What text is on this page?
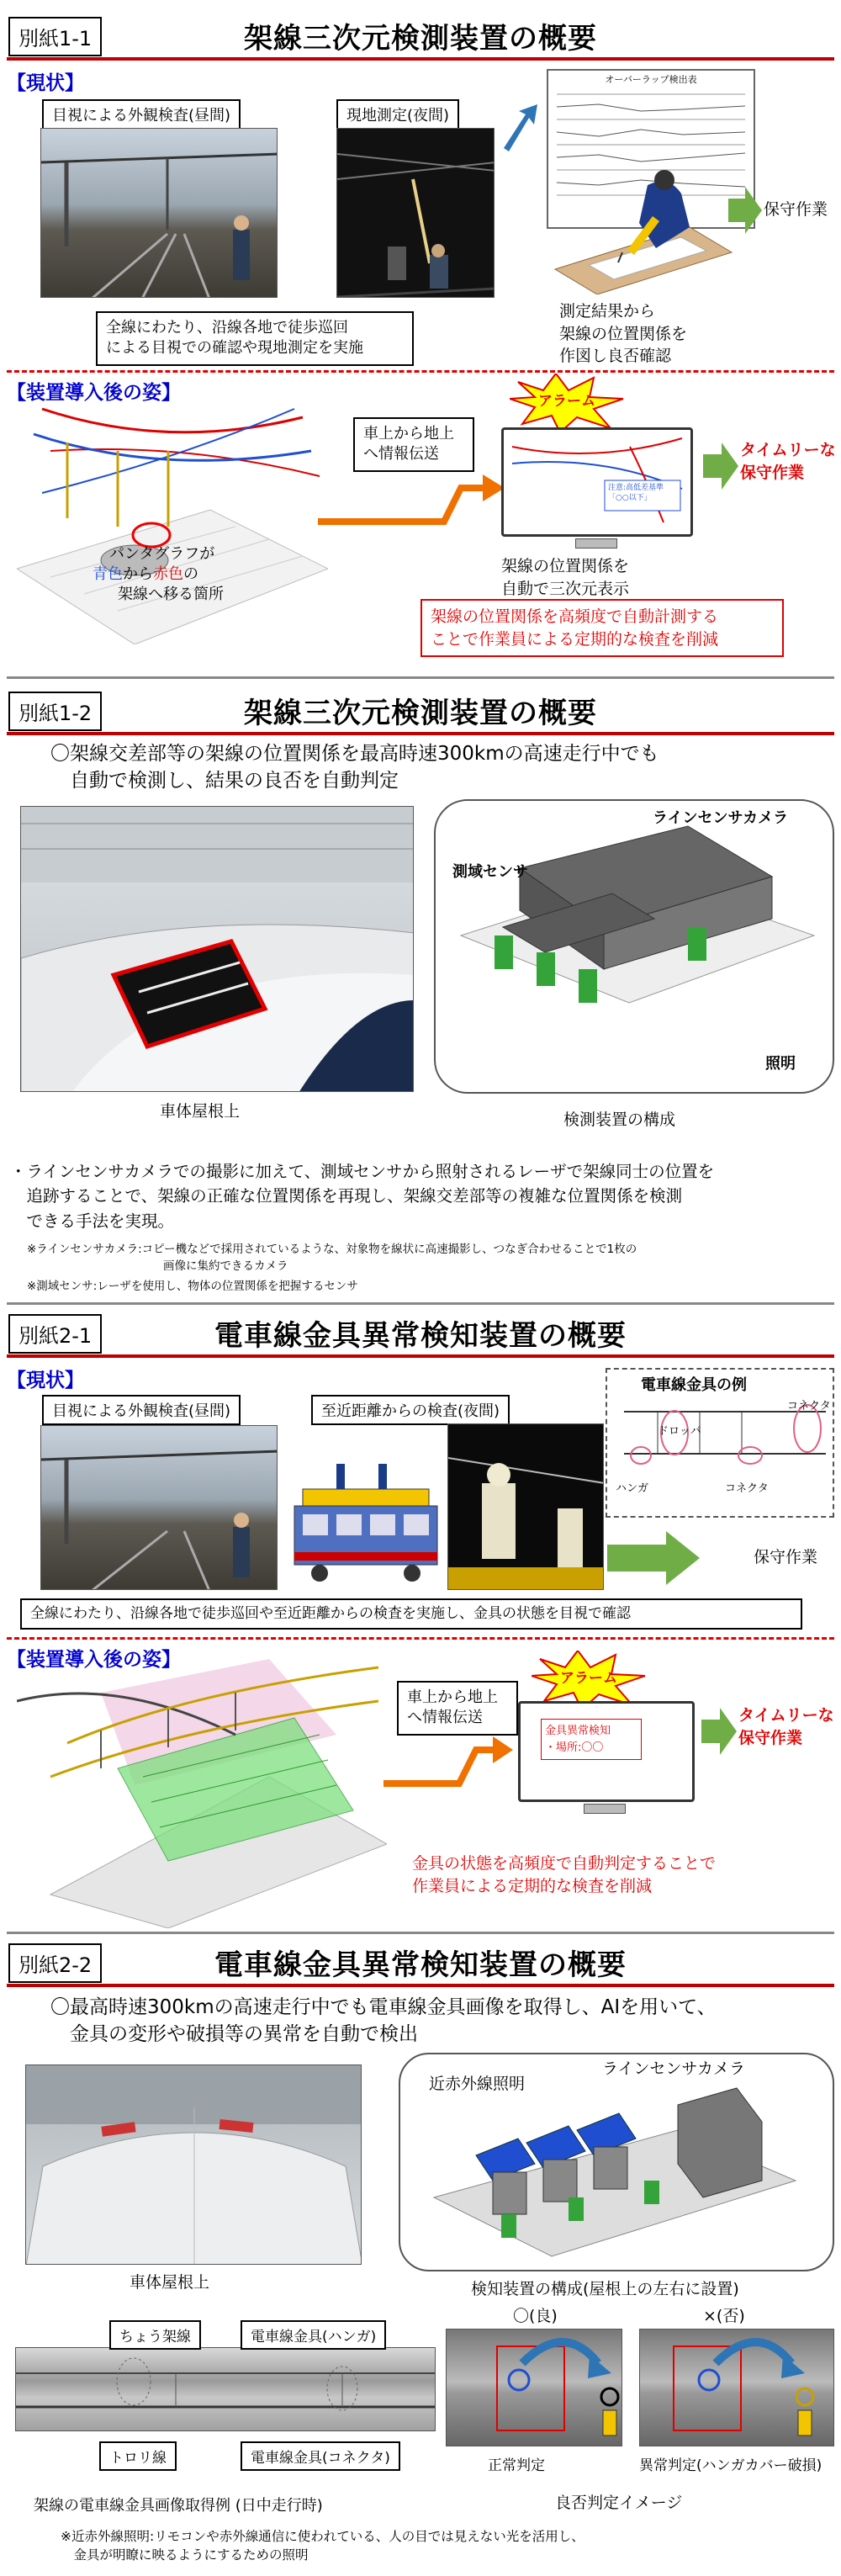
別紙1-1	架線三次元検測装置の概要
【現状】
目視による外観検査(昼間)	現地測定(夜間)
オーバーラップ検出表
保守作業
全線にわたり、沿線各地で徒歩巡回
による目視での確認や現地測定を実施
測定結果から
架線の位置関係を
作図し良否確認
【装置導入後の姿】
パンタグラフが
青色から赤色の
架線へ移る箇所
車上から地上
へ情報伝送
アラーム
注意:高低差基準
「○○以下」
タイムリーな
保守作業
架線の位置関係を
自動で三次元表示
架線の位置関係を高頻度で自動計測する
ことで作業員による定期的な検査を削減
別紙1-2	架線三次元検測装置の概要
〇架線交差部等の架線の位置関係を最高時速300kmの高速走行中でも
　自動で検測し、結果の良否を自動判定
車体屋根上
ラインセンサカメラ
測域センサ
照明
検測装置の構成
・ラインセンサカメラでの撮影に加えて、測域センサから照射されるレーザで架線同士の位置を
　追跡することで、架線の正確な位置関係を再現し、架線交差部等の複雑な位置関係を検測
　できる手法を実現。
※ラインセンサカメラ:コピー機などで採用されているような、対象物を線状に高速撮影し、つなぎ合わせることで1枚の
　　　　　　　　　　　　画像に集約できるカメラ
※測域センサ:レーザを使用し、物体の位置関係を把握するセンサ
別紙2-1	電車線金具異常検知装置の概要
【現状】
目視による外観検査(昼間)	至近距離からの検査(夜間)
電車線金具の例
ドロッパ
コネクタ
ハンガ	コネクタ
保守作業
全線にわたり、沿線各地で徒歩巡回や至近距離からの検査を実施し、金具の状態を目視で確認
【装置導入後の姿】
車上から地上
へ情報伝送
アラーム
金具異常検知
・場所:〇〇
タイムリーな
保守作業
金具の状態を高頻度で自動判定することで
作業員による定期的な検査を削減
別紙2-2	電車線金具異常検知装置の概要
〇最高時速300kmの高速走行中でも電車線金具画像を取得し、AIを用いて、
　金具の変形や破損等の異常を自動で検出
車体屋根上
ラインセンサカメラ
近赤外線照明
検知装置の構成(屋根上の左右に設置)
ちょう架線	電車線金具(ハンガ)
トロリ線	電車線金具(コネクタ)
架線の電車線金具画像取得例 (日中走行時)
〇(良)	×(否)
正常判定	異常判定(ハンガカバー破損)
良否判定イメージ
※近赤外線照明:リモコンや赤外線通信に使われている、人の目では見えない光を活用し、
　金具が明瞭に映るようにするための照明
